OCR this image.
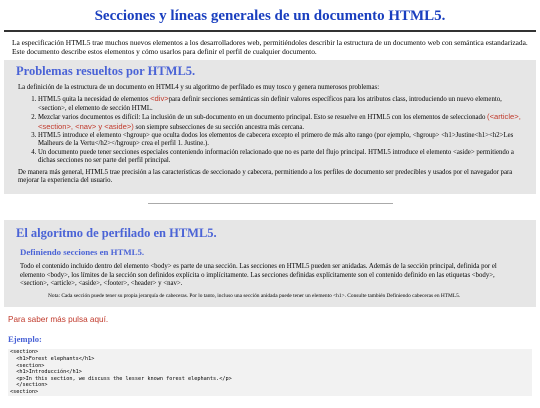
Secciones y líneas generales de un documento HTML5.
La especificación HTML5 trae muchos nuevos elementos a los desarrolladores web, permitiéndoles describir la estructura de un documento web con semántica estandarizada. Este documento describe estos elementos y cómo usarlos para definir el perfil de cualquier documento.
Problemas resueltos por HTML5.

La definición de la estructura de un documento en HTML4 y su algoritmo de perfilado es muy tosco y genera numerosos problemas:

1. HTML5 quita la necesidad de elementos <div>para definir secciones semánticas sin definir valores específicos para los atributos class, introduciendo un nuevo elemento, <section>, el elemento de sección HTML.
2. Mezclar varios documentos es difícil: La inclusión de un sub-documento en un documento principal. Esto se resuelve en HTML5 con los elementos de seleccionado (<article>, <section>, <nav> y <aside>) son siempre subsecciones de su sección ancestra más cercana.
3. HTML5 introduce el elemento <hgroup> que oculta dodos los elementos de cabecera excepto el primero de más alto rango (por ejemplo, <hgroup> <h1>Justine<h1><h2>Les Malheurs de la Vertu</h2></hgroup> crea el perfil 1. Justine.).
4. Un documento puede tener secciones especiales conteniendo información relacionado que no es parte del flujo principal. HTML5 introduce el elemento <aside> permitiendo a dichas secciones no ser parte del perfil principal.

De manera más general, HTML5 trae precisión a las características de seccionado y cabecera, permitiendo a los perfiles de documento ser predecibles y usados por el navegador para mejorar la experiencia del usuario.

El algoritmo de perfilado en HTML5.
Definiendo secciones en HTML5.
Todo el contenido incluido dentro del elemento <body> es parte de una sección. Las secciones en HTML5 pueden ser anidadas. Además de la sección principal, definida por el elemento <body>, los límites de la sección son definidos explícita o implícitamente. Las secciones definidas explícitamente son el contenido definido en las etiquetas <body>, <section>, <article>, <aside>, <footer>, <header> y <nav>.
Nota: Cada sección puede tener su propia jerarquía de cabeceras. Por lo tanto, incluso una sección anidada puede tener un elemento <h1>. Consulte también Definiendo cabeceras en HTML5.
Para saber más pulsa aquí.
Ejemplo:
<section>
<h1>Forest elephants</h1>
<section>
<h1>Introducción</h1>
<p>In this section, we discuss the lesser known forest elephants.</p>
</section>
<section>
